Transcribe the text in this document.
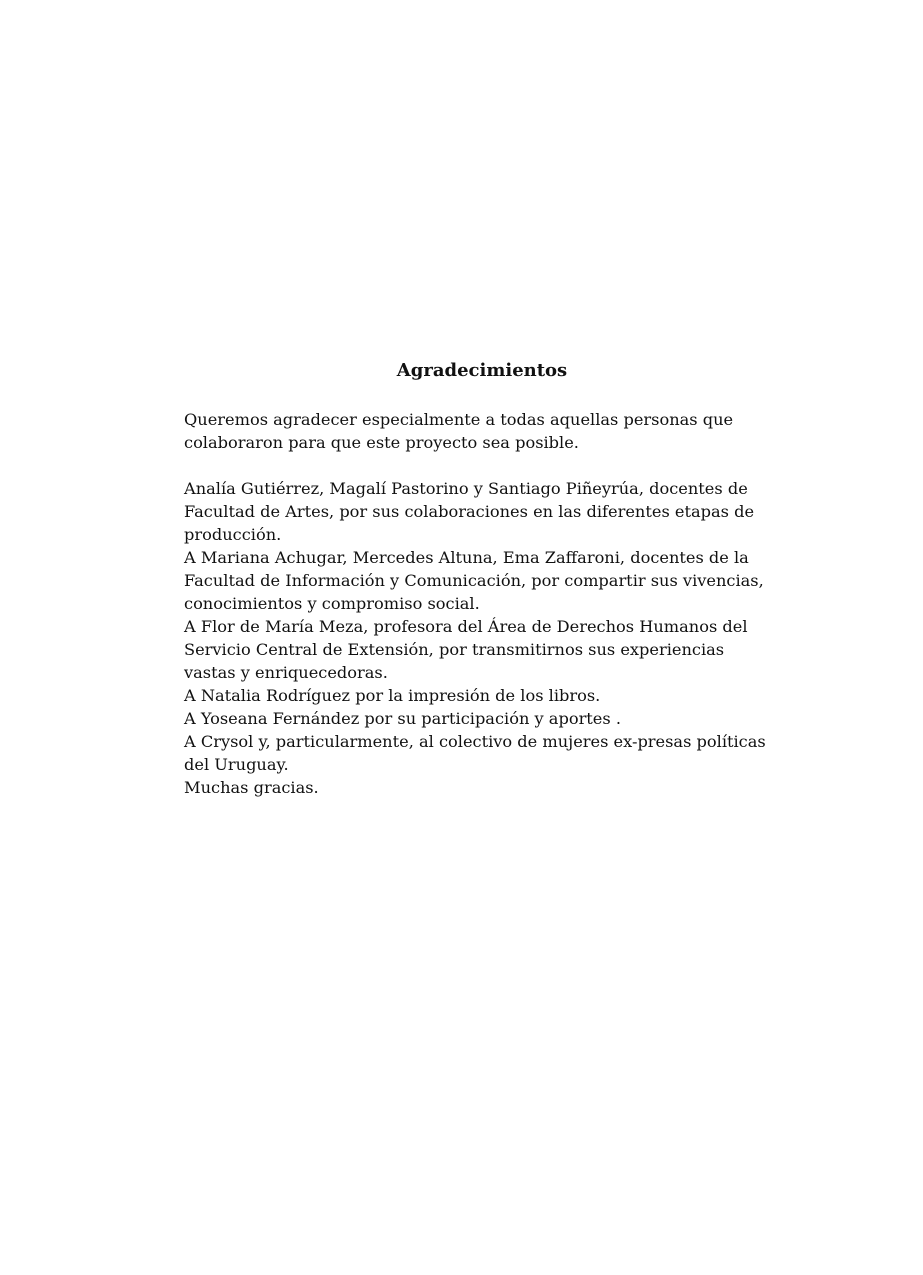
Agradecimientos

Queremos agradecer especialmente a todas aquellas personas que colaboraron para que este proyecto sea posible.

Analía Gutiérrez, Magalí Pastorino y Santiago Piñeyrúa, docentes de Facultad de Artes, por sus colaboraciones en las diferentes etapas de producción.

A Mariana Achugar, Mercedes Altuna, Ema Zaffaroni, docentes de la Facultad de Información y Comunicación, por compartir sus vivencias, conocimientos y compromiso social.

A Flor de María Meza, profesora del Área de Derechos Humanos del Servicio Central de Extensión, por transmitirnos sus experiencias vastas y enriquecedoras.

A Natalia Rodríguez por la impresión de los libros.

A Yoseana Fernández por su participación y aportes .

A Crysol y, particularmente, al colectivo de mujeres ex-presas políticas del Uruguay.

Muchas gracias.
